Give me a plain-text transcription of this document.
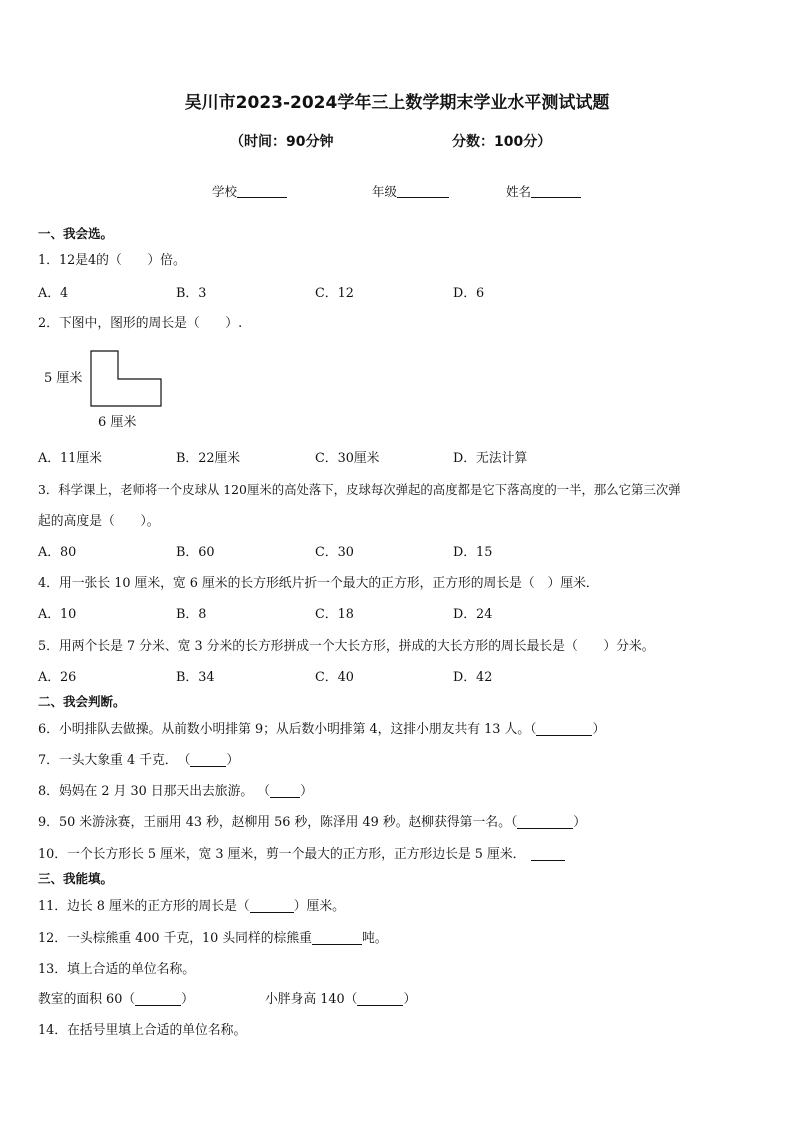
吴川市2023-2024学年三上数学期末学业水平测试试题
（时间：90分钟	分数：100分）
学校	年级	姓名
一、我会选。
1．12是4的（　　）倍。
A．4	B．3	C．12	D．6
2．下图中，图形的周长是（　　）.
5 厘米
6 厘米
A．11厘米	B．22厘米	C．30厘米	D．无法计算
3．科学课上，老师将一个皮球从 120厘米的高处落下，皮球每次弹起的高度都是它下落高度的一半，那么它第三次弹
起的高度是（　　）。
A．80	B．60	C．30	D．15
4．用一张长 10 厘米，宽 6 厘米的长方形纸片折一个最大的正方形，正方形的周长是（　）厘米．
A．10	B．8	C．18	D．24
5．用两个长是 7 分米、宽 3 分米的长方形拼成一个大长方形，拼成的大长方形的周长最长是（　　）分米。
A．26	B．34	C．40	D．42
二、我会判断。
6．小明排队去做操。从前数小明排第 9；从后数小明排第 4，这排小朋友共有 13 人。（	）
7．一头大象重 4 千克．　（	）
8．妈妈在 2 月 30 日那天出去旅游。 （ ）
9．50 米游泳赛，王丽用 43 秒，赵柳用 56 秒，陈泽用 49 秒。赵柳获得第一名。（	）
10．一个长方形长 5 厘米，宽 3 厘米，剪一个最大的正方形，正方形边长是 5 厘米．
三、我能填。
11．边长 8 厘米的正方形的周长是（	）厘米。
12．一头棕熊重 400 千克，10 头同样的棕熊重	吨。
13．填上合适的单位名称。
教室的面积 60（	）	小胖身高 140（	）
14．在括号里填上合适的单位名称。
